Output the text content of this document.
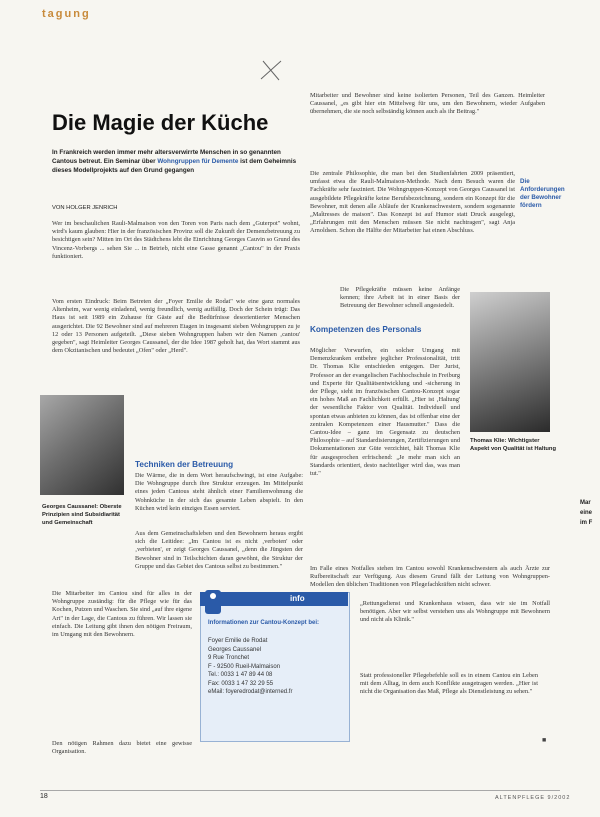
tagung
Die Magie der Küche
In Frankreich werden immer mehr altersverwirrte Menschen in so genannten Cantous betreut. Ein Seminar über Wohngruppen für Demente ist dem Geheimnis dieses Modellprojekts auf den Grund gegangen
VON HOLGER JENRICH
Wer im beschaulichen Rauli-Malmaison von den Toren von Paris nach dem „Guterpot" wohnt, wird's kaum glauben: Hier in der französischen Provinz soll die Zukunft der Demenzbetreuung zu besichtigen sein? Mitten im Ort des Städtchens lebt die Einrichtung Georges Cauvin so Grund des Vincenz-Vorbergs ... sehen Sie ... in Betrieb, nicht eine Gasse genannt „Cantou" in der Praxis funktioniert.
Vom ersten Eindruck: Beim Betreten der „Foyer Emilie de Rodat" wie eine ganz normales Altenheim, war wenig einladend, wenig freundlich, wenig auffällig. Doch der Schein trügt: Das Haus ist seit 1989 ein Zuhause für Gäste auf die Bedürfnisse desorientierter Menschen ausgerichtet. Die 92 Bewohner sind auf mehreren Etagen in insgesamt sieben Wohngruppen zu je 12 oder 13 Personen aufgeteilt. „Diese sieben Wohngruppen haben wir den Namen ‚cantou' gegeben", sagt Heimleiter Georges Caussanel, der die Idee 1987 geholt hat, das Wort stammt aus dem Okzitanischen und bedeutet „Ofen" oder „Herd".
Georges Caussanel: Oberste Prinzipien sind Subsidiarität und Gemeinschaft
Techniken der Betreuung
Die Wärme, die in dem Wort heraufschwingt, ist eine Aufgabe: Die Wohngruppe durch ihre Struktur erzeugen. Im Mittelpunkt eines jeden Cantous steht ähnlich einer Familienwohnung die Wohnküche in der sich das gesamte Leben abspielt. In den Küchen wird kein einziges Essen serviert.
Aus dem Gemeinschaftsleben und den Bewohnern heraus ergibt sich die Leitidee: „Im Cantou ist es nicht ‚verboten' oder ‚verbieten', er zeigt Georges Caussanel, „denn die Jüngsten der Bewohner sind in Teilschichten daran gewöhnt, die Struktur der Gruppe und das Gebiet des Cantous selbst zu bestimmen."
Die Mitarbeiter im Cantou sind für alles in der Wohngruppe zuständig: für die Pflege wie für das Kochen, Putzen und Waschen. Sie sind „auf ihre eigene Art" in der Lage, die Cantous zu führen. Wir lassen sie einfach. Die Leitung gibt ihnen den nötigen Freiraum, im Umgang mit den Bewohnern.
Den nötigen Rahmen dazu bietet eine gewisse Organisation.
Mitarbeiter und Bewohner sind keine isolierten Personen, Teil des Ganzen. Heimleiter Caussanel, „es gibt hier ein Mittelweg für uns, um den Bewohnern, wieder Aufgaben übernehmen, die sie noch selbständig können auch als ihr Beitrag."
Die zentrale Philosophie, die man bei den Studienfahrten 2009 präsentiert, umfasst etwa die Rauli-Malmaison-Methode. Nach dem Besuch waren die Fachkräfte sehr fasziniert. Die Wohngruppen-Konzept von Georges Caussanel ist ausgebildete Pflegekräfte keine Berufsbezeichnung, sondern ein Konzept für die Bewohner, mit denen alle Abläufe der Krankenschwestern, sondern sogenannte „Maîtresses de maison". Das Konzept ist auf Humor statt Druck ausgelegt, „Erfahrungen mit den Menschen müssen Sie nicht nachtragen", sagt Anja Arnoldsen. Schon die Hälfte der Mitarbeiter hat einen Abschluss.
Die Pflegekräfte müssen keine Anfänge kennen; ihre Arbeit ist in einer Basis der Betreuung der Bewohner schnell angesiedelt.
Die Anforderungen der Bewohner fördern
Thomas Klie: Wichtigster Aspekt von Qualität ist Haltung
Kompetenzen des Personals
Möglicher Vorwurfen, ein solcher Umgang mit Demenzkranken entbehre jeglicher Professionalität, tritt Dr. Thomas Klie entschieden entgegen. Der Jurist, Professor an der evangelischen Fachhochschule in Freiburg und Experte für Qualitätsentwicklung und -sicherung in der Pflege, sieht im französischen Cantou-Konzept sogar ein hohes Maß an Fachlichkeit erfüllt. „Hier ist ‚Haltung' der wesentliche Faktor von Qualität. Individuell und spontan etwas anbieten zu können, das ist offenbar eine der zentralen Kompetenzen einer Hausmutter." Dass die Cantou-Idee – ganz im Gegensatz zu deutschen Philosophie – auf Standardisierungen, Zertifizierungen und Dokumentationen zur Güte verzichtet, hält Thomas Klie für ausgesprochen erfrischend: „Je mehr man sich an Standards orientiert, desto nachteiliger wird das, was man tut."
Im Falle eines Notfalles stehen im Cantou sowohl Krankenschwestern als auch Ärzte zur Rufbereitschaft zur Verfügung. Aus diesem Grund fällt der Leitung von Wohngruppen-Modellen den üblichen Traditionen von Pflegefachkräften nicht schwer.
info
Informationen zur Cantou-Konzept bei:
Foyer Emilie de Rodat
Georges Caussanel
9 Rue Tronchet
F - 92500 Rueil-Malmaison
Tel.: 0033 1 47 89 44 08
Fax: 0033 1 47 32 29 55
eMail: foyeredrodat@interned.fr
„Rettungsdienst und Krankenhaus wissen, dass wir sie im Notfall benötigen. Aber wir selbst verstehen uns als Wohngruppe mit Bewohnern und nicht als Klinik."
Statt professioneller Pflegebefehle soll es in einem Cantou ein Leben mit dem Alltag, in dem auch Konflikte ausgetragen werden. „Hier ist nicht die Organisation das Maß, Pflege als Dienstleistung zu sehen."
■
Mar
eine
im F
18	ALTENPFLEGE 9/2002
